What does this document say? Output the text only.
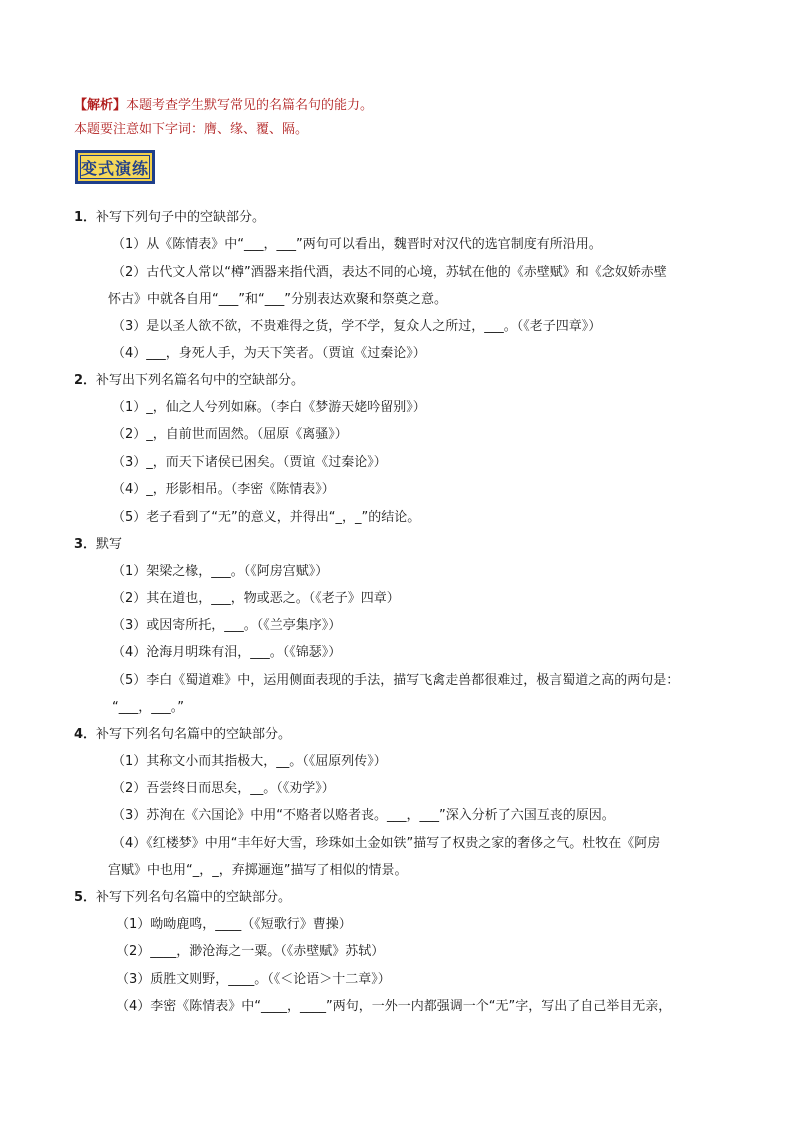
【解析】本题考查学生默写常见的名篇名句的能力。
本题要注意如下字词：膺、缘、覆、隔。
变式演练
1．补写下列句子中的空缺部分。
（1）从《陈情表》中“___，___”两句可以看出，魏晋时对汉代的选官制度有所沿用。
（2）古代文人常以“樽”酒器来指代酒，表达不同的心境，苏轼在他的《赤壁赋》和《念奴娇赤壁
怀古》中就各自用“___”和“___”分别表达欢聚和祭奠之意。
（3）是以圣人欲不欲，不贵难得之货，学不学，复众人之所过，___。（《老子四章》）
（4）___，身死人手，为天下笑者。（贾谊《过秦论》）
2．补写出下列名篇名句中的空缺部分。
（1）_，仙之人兮列如麻。（李白《梦游天姥吟留别》）
（2）_，自前世而固然。（屈原《离骚》）
（3）_，而天下诸侯已困矣。（贾谊《过秦论》）
（4）_，形影相吊。（李密《陈情表》）
（5）老子看到了“无”的意义，并得出“_，_”的结论。
3．默写
（1）架梁之椽，___。（《阿房宫赋》）
（2）其在道也，___，物或恶之。（《老子》四章）
（3）或因寄所托，___。（《兰亭集序》）
（4）沧海月明珠有泪，___。（《锦瑟》）
（5）李白《蜀道难》中，运用侧面表现的手法，描写飞禽走兽都很难过，极言蜀道之高的两句是：
“___，___。”
4．补写下列名句名篇中的空缺部分。
（1）其称文小而其指极大，__。（《屈原列传》）
（2）吾尝终日而思矣，__。（《劝学》）
（3）苏洵在《六国论》中用“不赂者以赂者丧。___，___”深入分析了六国互丧的原因。
（4）《红楼梦》中用“丰年好大雪，珍珠如土金如铁”描写了权贵之家的奢侈之气。杜牧在《阿房
宫赋》中也用“_，_，弃掷逦迤”描写了相似的情景。
5．补写下列名句名篇中的空缺部分。
（1）呦呦鹿鸣，____（《短歌行》曹操）
（2）____，渺沧海之一粟。（《赤壁赋》苏轼）
（3）质胜文则野，____。（《＜论语＞十二章》）
（4）李密《陈情表》中“____，____”两句，一外一内都强调一个“无”字，写出了自己举目无亲，
